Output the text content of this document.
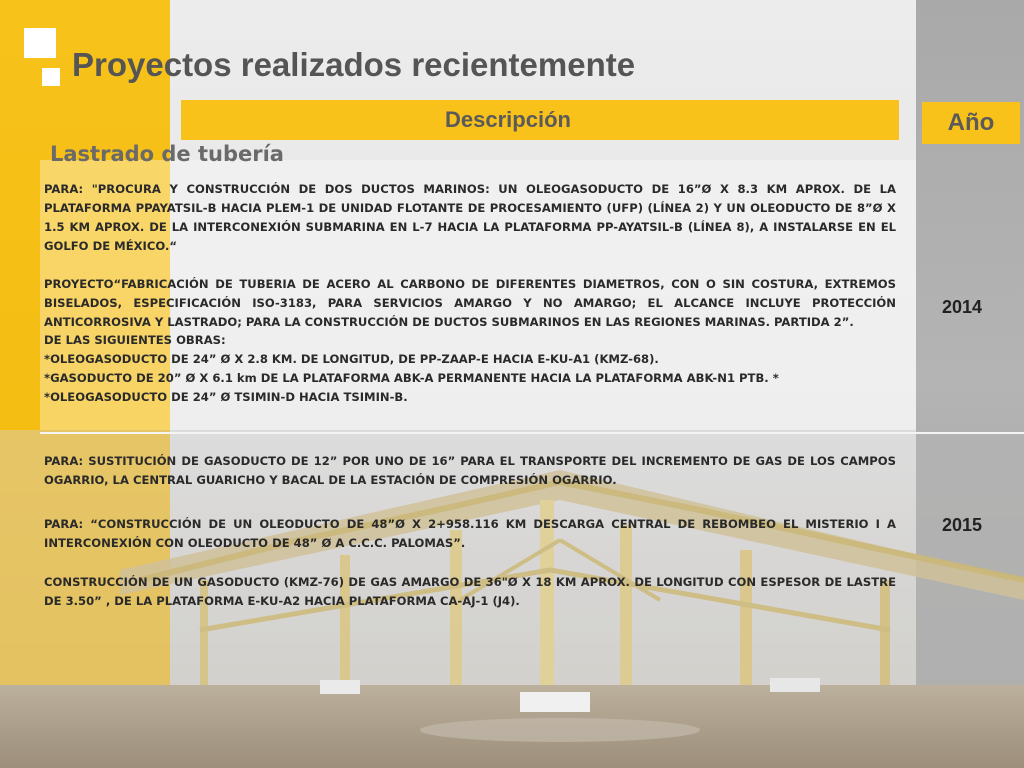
Proyectos realizados recientemente
Descripción	Año
Lastrado de tubería

PARA: "PROCURA Y CONSTRUCCIÓN DE DOS DUCTOS MARINOS: UN OLEOGASODUCTO DE 16”Ø X 8.3 KM APROX. DE LA PLATAFORMA PPAYATSIL-B HACIA PLEM-1 DE UNIDAD FLOTANTE DE PROCESAMIENTO (UFP) (LÍNEA 2) Y UN OLEODUCTO DE 8”Ø X 1.5 KM APROX. DE LA INTERCONEXIÓN SUBMARINA EN L-7 HACIA LA PLATAFORMA PP-AYATSIL-B (LÍNEA 8), A INSTALARSE EN EL GOLFO DE MÉXICO.“

PROYECTO“FABRICACIÓN DE TUBERIA DE ACERO AL CARBONO DE DIFERENTES DIAMETROS, CON O SIN COSTURA, EXTREMOS BISELADOS, ESPECIFICACIÓN ISO-3183, PARA SERVICIOS AMARGO Y NO AMARGO; EL ALCANCE INCLUYE PROTECCIÓN ANTICORROSIVA Y LASTRADO; PARA LA CONSTRUCCIÓN DE DUCTOS SUBMARINOS EN LAS REGIONES MARINAS. PARTIDA 2”.

DE LAS SIGUIENTES OBRAS:
*OLEOGASODUCTO DE 24” Ø X 2.8 KM. DE LONGITUD, DE PP-ZAAP-E HACIA E-KU-A1 (KMZ-68).
*GASODUCTO DE 20” Ø X 6.1 km DE LA PLATAFORMA ABK-A PERMANENTE HACIA LA PLATAFORMA ABK-N1 PTB. *
*OLEOGASODUCTO DE 24” Ø TSIMIN-D HACIA TSIMIN-B.

PARA: SUSTITUCIÓN DE GASODUCTO DE 12” POR UNO DE 16” PARA EL TRANSPORTE DEL INCREMENTO DE GAS DE LOS CAMPOS OGARRIO, LA CENTRAL GUARICHO Y BACAL DE LA ESTACIÓN DE COMPRESIÓN OGARRIO.

PARA: “CONSTRUCCIÓN DE UN OLEODUCTO DE 48”Ø X 2+958.116 KM DESCARGA CENTRAL DE REBOMBEO EL MISTERIO I A INTERCONEXIÓN CON OLEODUCTO DE 48” Ø A C.C.C. PALOMAS”.

CONSTRUCCIÓN DE UN GASODUCTO (KMZ-76) DE GAS AMARGO DE 36"Ø X 18 KM APROX. DE LONGITUD CON ESPESOR DE LASTRE DE 3.50” , DE LA PLATAFORMA E-KU-A2 HACIA PLATAFORMA CA-AJ-1 (J4).

2014
2015
